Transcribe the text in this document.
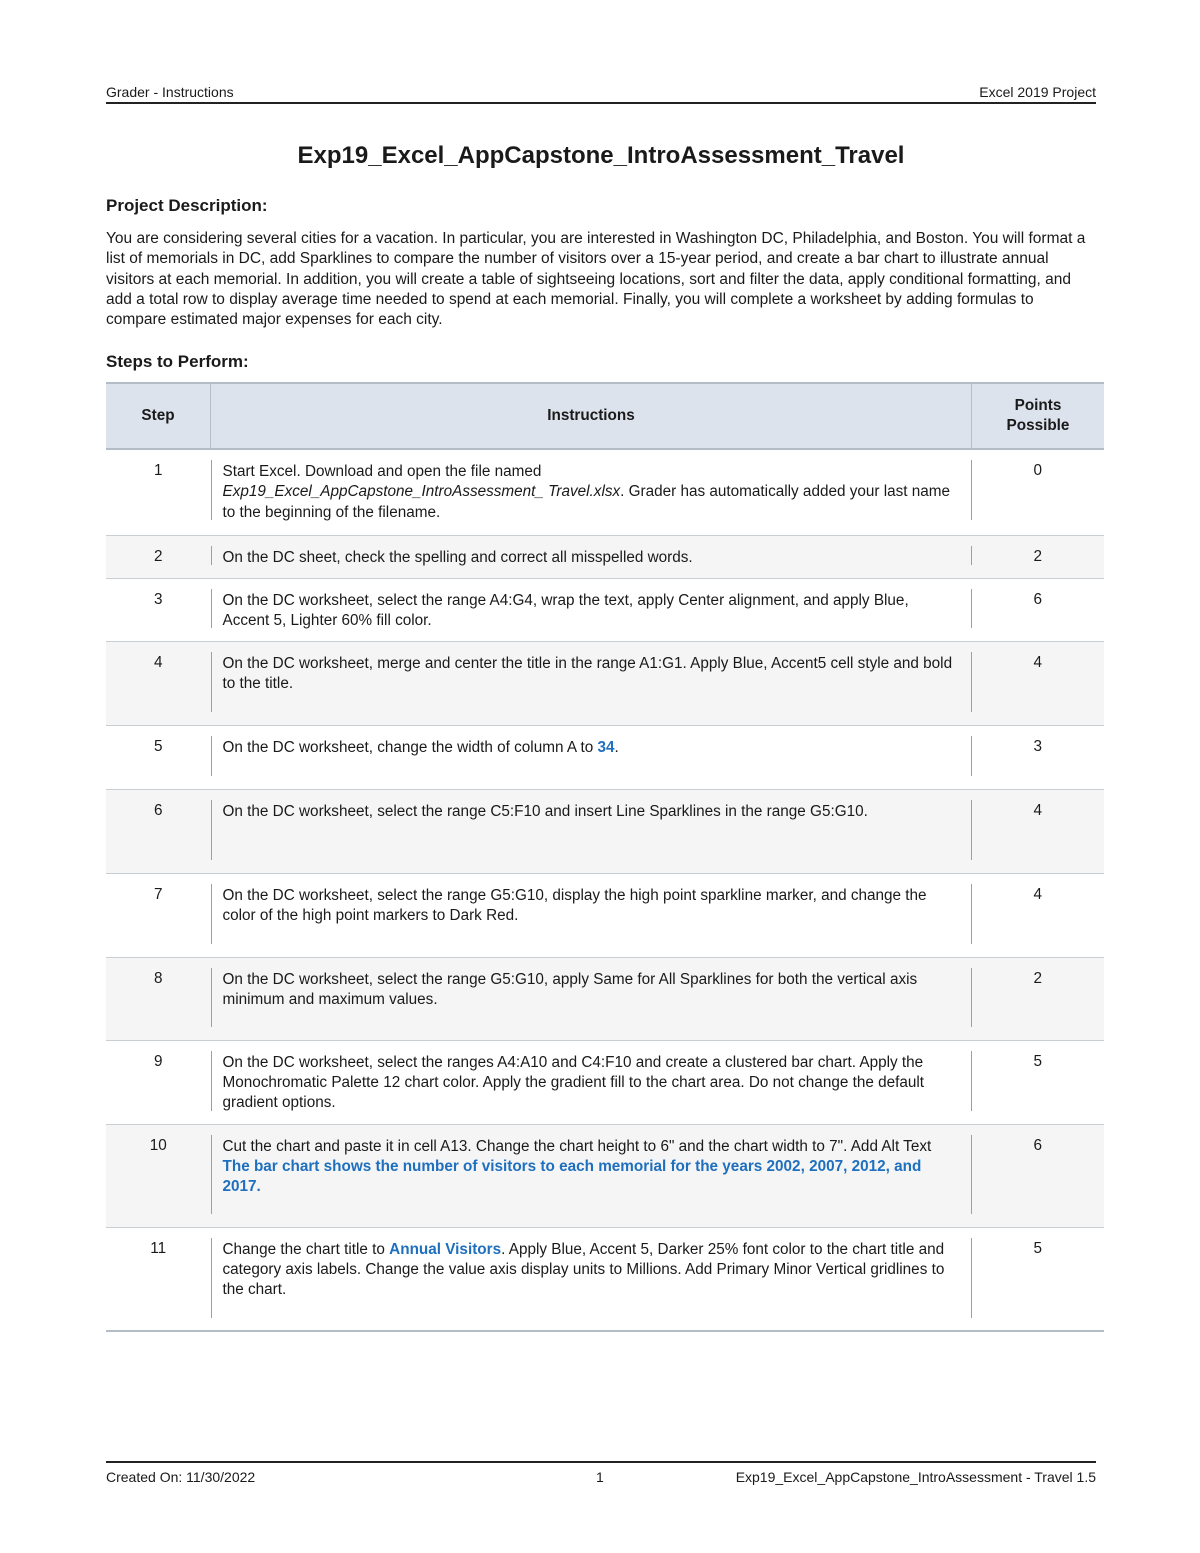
Grader - Instructions	Excel 2019 Project
Exp19_Excel_AppCapstone_IntroAssessment_Travel
Project Description:
You are considering several cities for a vacation. In particular, you are interested in Washington DC, Philadelphia, and Boston. You will format a list of memorials in DC, add Sparklines to compare the number of visitors over a 15-year period, and create a bar chart to illustrate annual visitors at each memorial. In addition, you will create a table of sightseeing locations, sort and filter the data, apply conditional formatting, and add a total row to display average time needed to spend at each memorial. Finally, you will complete a worksheet by adding formulas to compare estimated major expenses for each city.
Steps to Perform:
Step	Instructions	Points
Possible

1	Start Excel. Download and open the file named
Exp19_Excel_AppCapstone_IntroAssessment_ Travel.xlsx. Grader has automatically added your last name to the beginning of the filename.	0

2	On the DC sheet, check the spelling and correct all misspelled words.	2

3	On the DC worksheet, select the range A4:G4, wrap the text, apply Center alignment, and apply Blue, Accent 5, Lighter 60% fill color.	6

4	On the DC worksheet, merge and center the title in the range A1:G1. Apply Blue, Accent5 cell style and bold to the title.	4

5	On the DC worksheet, change the width of column A to 34.	3

6	On the DC worksheet, select the range C5:F10 and insert Line Sparklines in the range G5:G10.	4

7	On the DC worksheet, select the range G5:G10, display the high point sparkline marker, and change the color of the high point markers to Dark Red.	4

8	On the DC worksheet, select the range G5:G10, apply Same for All Sparklines for both the vertical axis minimum and maximum values.	2

9	On the DC worksheet, select the ranges A4:A10 and C4:F10 and create a clustered bar chart. Apply the Monochromatic Palette 12 chart color. Apply the gradient fill to the chart area. Do not change the default gradient options.	5

10	Cut the chart and paste it in cell A13. Change the chart height to 6" and the chart width to 7". Add Alt Text The bar chart shows the number of visitors to each memorial for the years 2002, 2007, 2012, and 2017.	6

11	Change the chart title to Annual Visitors. Apply Blue, Accent 5, Darker 25% font color to the chart title and category axis labels. Change the value axis display units to Millions. Add Primary Minor Vertical gridlines to the chart.	5
Created On: 11/30/2022	1	Exp19_Excel_AppCapstone_IntroAssessment - Travel 1.5
